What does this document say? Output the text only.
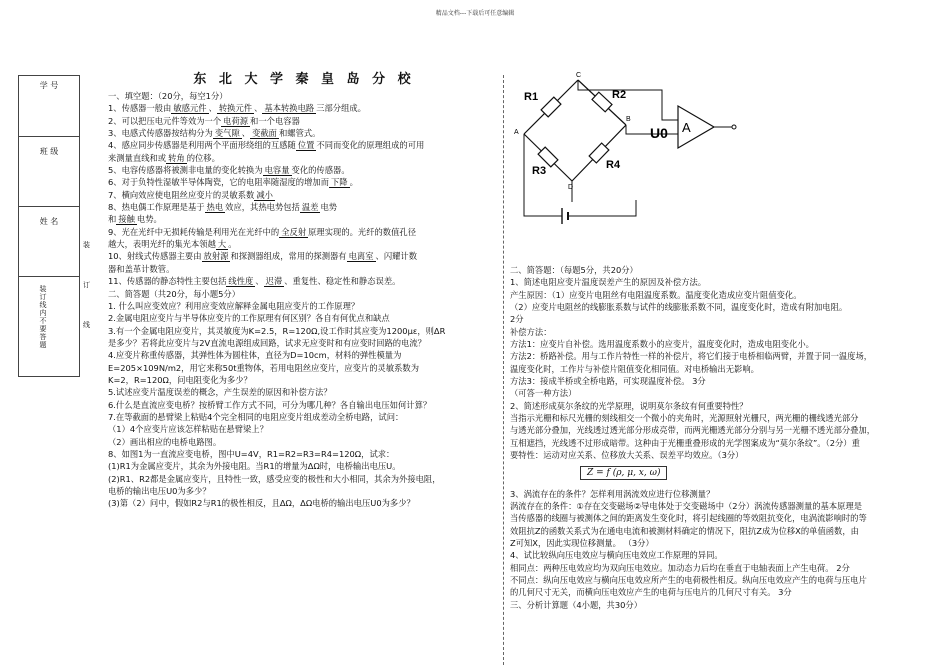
精品文档---下载后可任意编辑
学 号
班 级
姓 名
装
订
线
装订线内不要答题
东 北 大 学 秦 皇 岛 分 校
一、填空题：（20分，每空1分）
1、传感器一般由 敏感元件 、 转换元件 、 基本转换电路 三部分组成。
2、可以把压电元件等效为一个 电荷源 和一个电容器
3、电感式传感器按结构分为 变气隙 、 变截面 和螺管式。
4、感应同步传感器是利用两个平面形绕组的互感随 位置 不同而变化的原理组成的可用
来测量直线和或 转角 的位移。
5、电容传感器将被测非电量的变化转换为 电容量 变化的传感器。
6、对于负特性湿敏半导体陶瓷，它的电阻率随湿度的增加而 下降 。
7、横向效应使电阻丝应变片的灵敏系数 减小
8、热电偶工作原理是基于 热电 效应，其热电势包括 温差 电势
和 接触 电势。
9、光在光纤中无损耗传输是利用光在光纤中的 全反射 原理实现的。光纤的数值孔径
越大，表明光纤的集光本领越 大 。
10、射线式传感器主要由 放射源 和探测器组成，常用的探测器有 电离室 、闪耀计数
器和盖革计数管。
11、传感器的静态特性主要包括 线性度 、 迟滞 、重复性、稳定性和静态误差。
二、简答题（共20分，每小题5分）
1. 什么叫应变效应？利用应变效应解释金属电阻应变片的工作原理？
2.金属电阻应变片与半导体应变片的工作原理有何区别？各自有何优点和缺点
3.有一个金属电阻应变片，其灵敏度为K=2.5，R=120Ω,设工作时其应变为1200με，则ΔR
是多少？若将此应变片与2V直流电源组成回路，试求无应变时和有应变时回路的电流？
4.应变片称重传感器，其弹性体为圆柱体，直径为D=10cm，材料的弹性模量为
E=205×109N/m2，用它来称50t重物体，若用电阻丝应变片，应变片的灵敏系数为
K=2，R=120Ω，问电阻变化为多少？
5.试述应变片温度误差的概念，产生误差的原因和补偿方法？
6.什么是直流应变电桥？按桥臂工作方式不同，可分为哪几种？各自输出电压如何计算？
7.在等截面的悬臂梁上粘贴4个完全相同的电阻应变片组成差动全桥电路，试问：
（1）4个应变片应该怎样粘贴在悬臂梁上？
（2）画出相应的电桥电路图。
8、如图1为一直流应变电桥，图中U=4V，R1=R2=R3=R4=120Ω，试求：
(1)R1为金属应变片，其余为外接电阻。当R1的增量为ΔΩ时，电桥输出电压U。
(2)R1、R2都是金属应变片，且特性一致，感受应变的极性和大小相同，其余为外接电阻，
电桥的输出电压U0为多少？
(3)第（2）问中，假如R2与R1的极性相反，且ΔΩ，ΔΩ电桥的输出电压U0为多少？
C
A
B
D
R1	R2
R3	R4
A
U0
Z = f (ρ, μ, x, ω)
二、简答题：（每题5分，共20分）
1、简述电阻应变片温度误差产生的原因及补偿方法。
产生原因：（1）应变片电阻丝有电阻温度系数。温度变化造成应变片阻值变化。
（2）应变片电阻丝的线膨胀系数与试件的线膨胀系数不同，温度变化时，造成有附加电阻。
2分
补偿方法：
方法1：应变片自补偿。选用温度系数小的应变片，温度变化时，造成电阻变化小。
方法2：桥路补偿。用与工作片特性一样的补偿片，将它们接于电桥相临两臂，并置于同一温度场，
温度变化时，工作片与补偿片阻值变化相同值。对电桥输出无影响。
方法3：接成半桥或全桥电路，可实现温度补偿。 3分
（可答一种方法）
2、简述形成莫尔条纹的光学原理，说明莫尔条纹有何重要特性？
当指示光栅和标尺光栅的刻线相交一个微小的夹角时，光源照射光栅尺，两光栅的栅线透光部分
与透光部分叠加，光线透过透光部分形成亮带，而两光栅透光部分分别与另一光栅不透光部分叠加，
互相遮挡，光线透不过形成暗带。这种由于光栅重叠形成的光学图案成为“莫尔条纹”。（2分）重
要特性：运动对应关系、位移放大关系、误差平均效应。（3分）
3、涡流存在的条件？怎样利用涡流效应进行位移测量？
涡流存在的条件：①存在交变磁场②导电体处于交变磁场中（2分）涡流传感器测量的基本原理是
当传感器的线圈与被测体之间的距离发生变化时，将引起线圈的等效阻抗变化，电涡流影响时的等
效阻抗Z的函数关系式为在通电电流和被测材料确定的情况下，阻抗Z成为位移X的单值函数，由
Z可知X，因此实现位移测量。 （3分）
4、试比较纵向压电效应与横向压电效应工作原理的异同。
相同点：两种压电效应均为双向压电效应。加动态力后均在垂直于电轴表面上产生电荷。 2分
不同点：纵向压电效应与横向压电效应所产生的电荷极性相反。纵向压电效应产生的电荷与压电片
的几何尺寸无关，而横向压电效应产生的电荷与压电片的几何尺寸有关。 3分
三、分析计算题（4小题，共30分）
